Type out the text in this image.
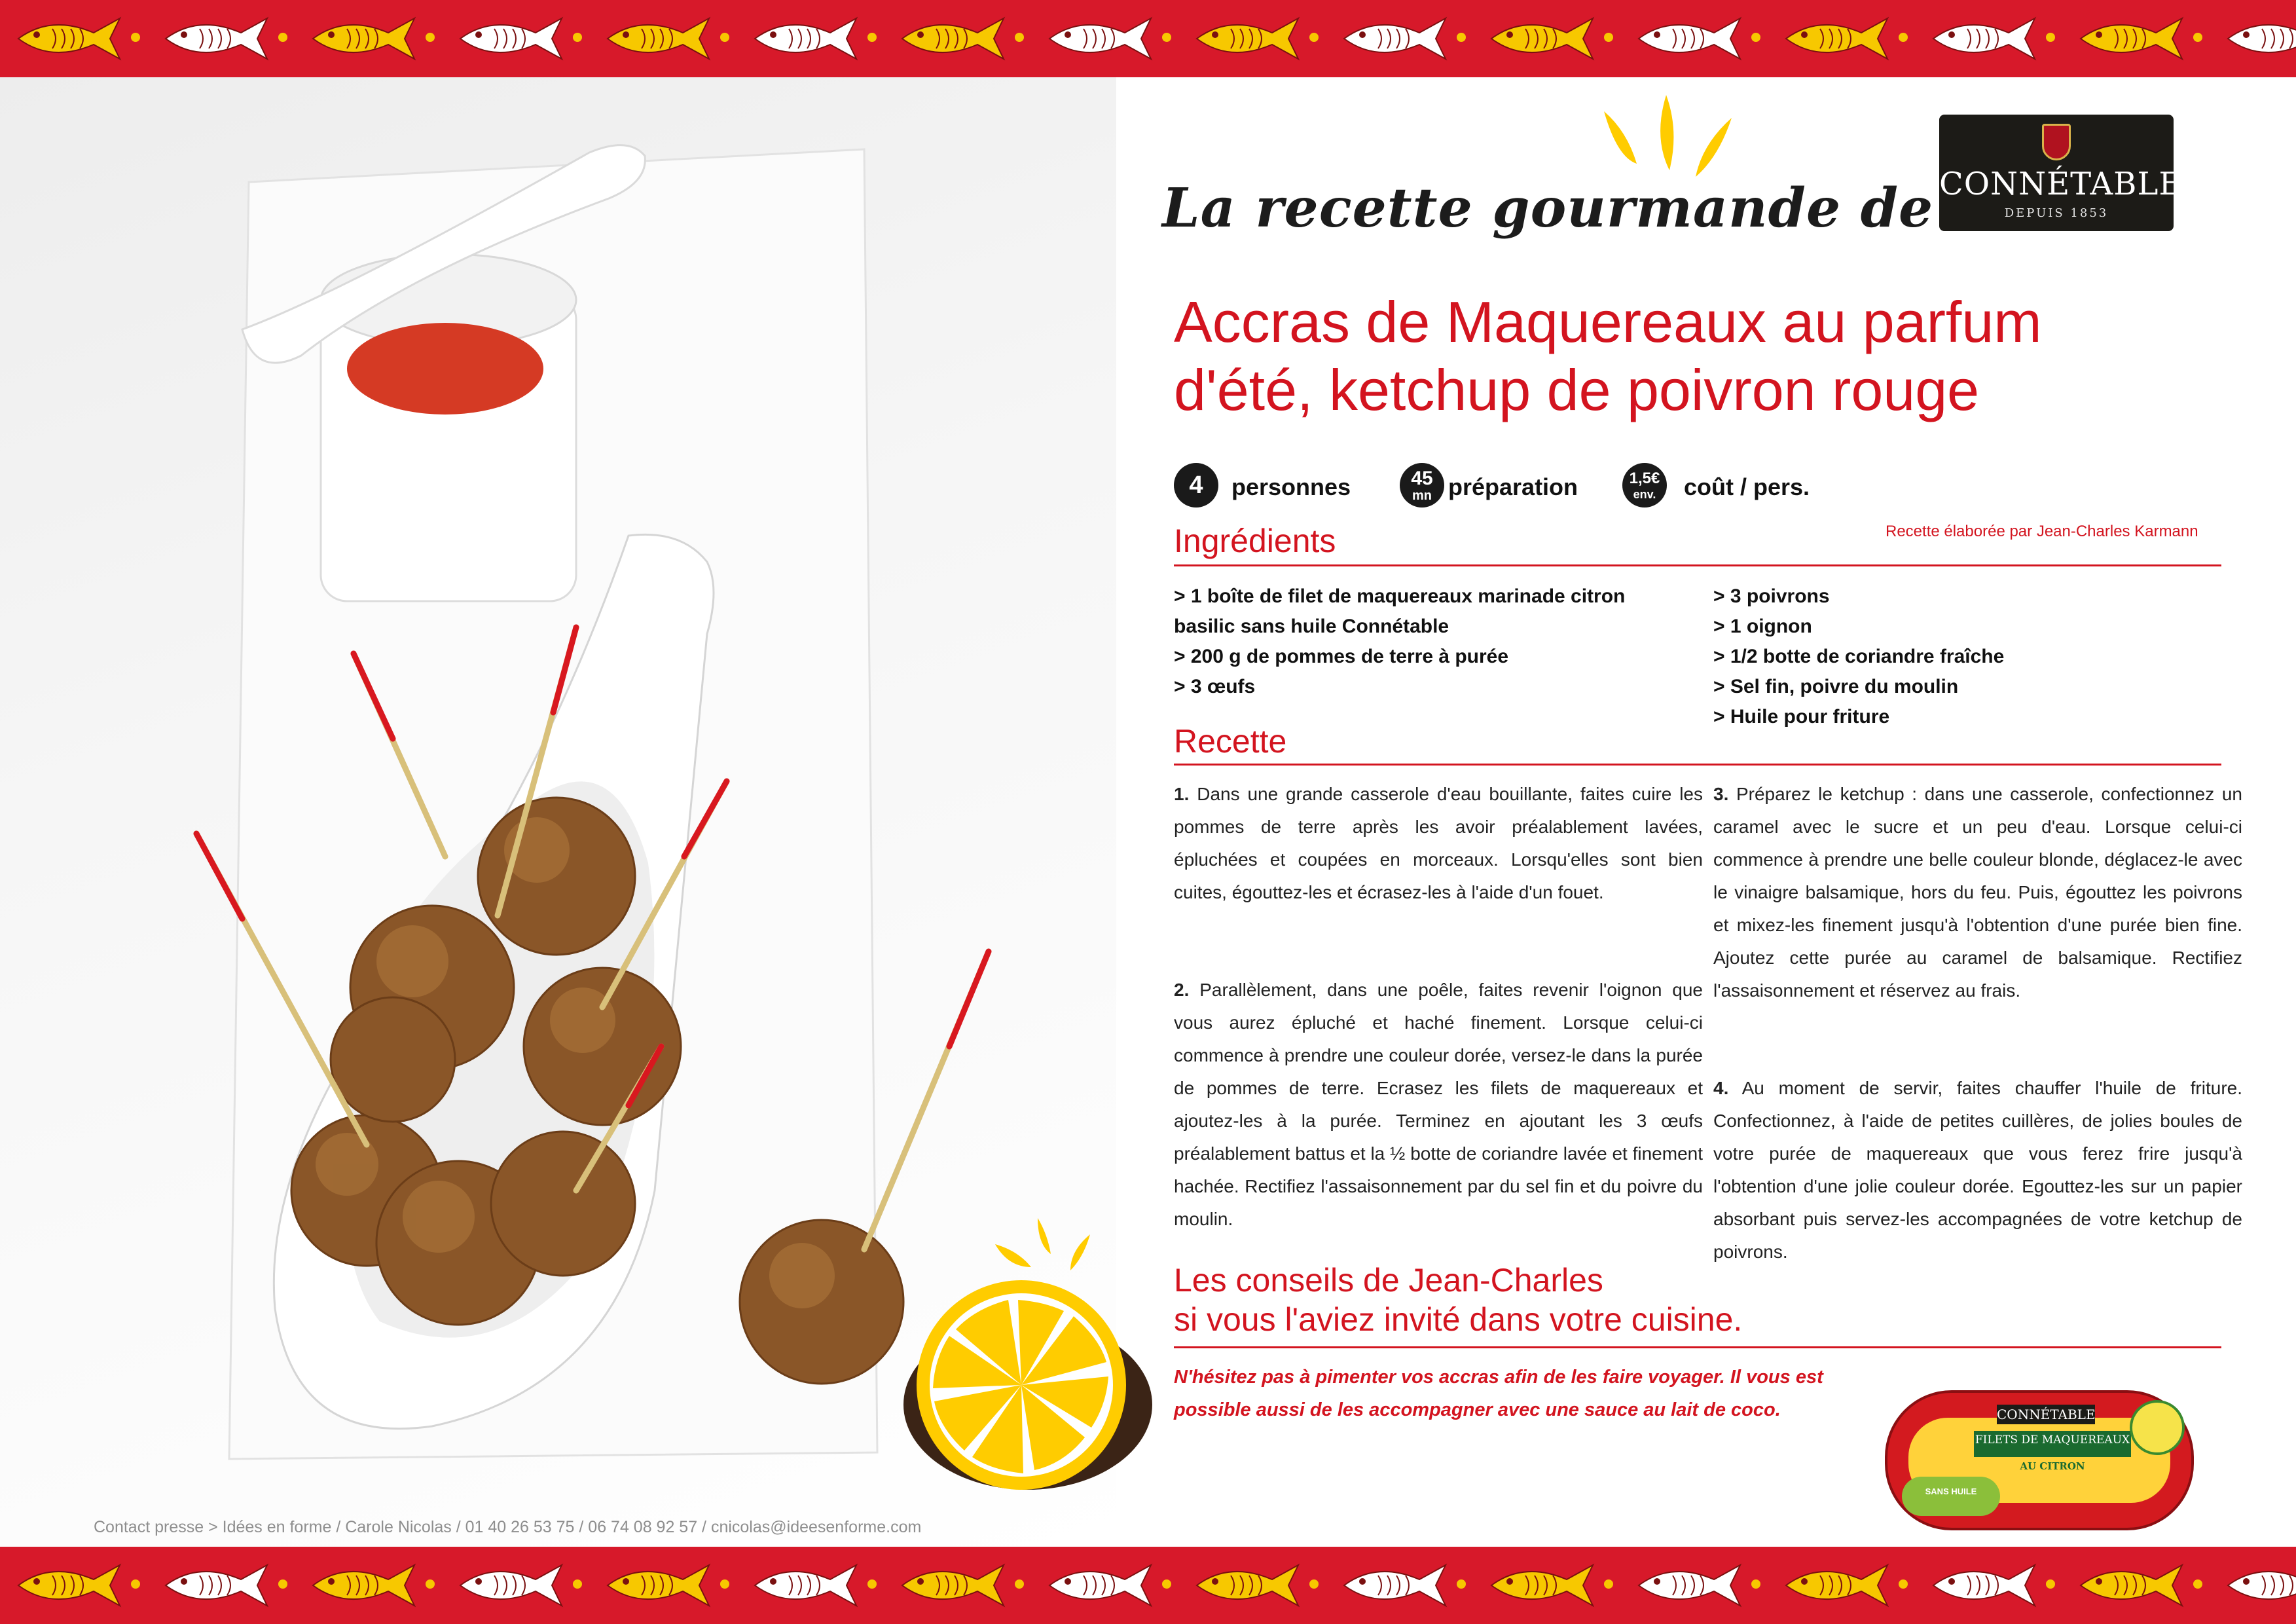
Contact presse > Idées en forme / Carole Nicolas / 01 40 26 53 75 / 06 74 08 92 57 / cnicolas@ideesenforme.com
La recette gourmande de CONNÉTABLE
DEPUIS 1853
Accras de Maquereaux au parfum
d'été, ketchup de poivron rouge
4	personnes	45
mn préparation	1,5€
env.	coût / pers.
Recette élaborée par Jean-Charles Karmann
Ingrédients
> 1 boîte de filet de maquereaux marinade citron
basilic sans huile Connétable
> 200 g de pommes de terre à purée
> 3 œufs
> 3 poivrons
> 1 oignon
> 1/2 botte de coriandre fraîche
> Sel fin, poivre du moulin
> Huile pour friture
Recette
1. Dans une grande casserole d'eau bouillante, faites cuire les pommes de terre après les avoir préalablement lavées, épluchées et coupées en morceaux. Lorsqu'elles sont bien cuites, égouttez-les et écrasez-les à l'aide d'un fouet.
2. Parallèlement, dans une poêle, faites revenir l'oignon que vous aurez épluché et haché finement. Lorsque celui-ci commence à prendre une couleur dorée, versez-le dans la purée de pommes de terre. Ecrasez les filets de maquereaux et ajoutez-les à la purée. Terminez en ajoutant les 3 œufs préalablement battus et la ½ botte de coriandre lavée et finement hachée. Rectifiez l'assaisonnement par du sel fin et du poivre du moulin.
3. Préparez le ketchup : dans une casserole, confectionnez un caramel avec le sucre et un peu d'eau. Lorsque celui-ci commence à prendre une belle couleur blonde, déglacez-le avec le vinaigre balsamique, hors du feu. Puis, égouttez les poivrons et mixez-les finement jusqu'à l'obtention d'une purée bien fine. Ajoutez cette purée au caramel de balsamique. Rectifiez l'assaisonnement et réservez au frais.
4. Au moment de servir, faites chauffer l'huile de friture. Confectionnez, à l'aide de petites cuillères, de jolies boules de votre purée de maquereaux que vous ferez frire jusqu'à l'obtention d'une jolie couleur dorée. Egouttez-les sur un papier absorbant puis servez-les accompagnées de votre ketchup de poivrons.
Les conseils de Jean-Charles
si vous l'aviez invité dans votre cuisine.
N'hésitez pas à pimenter vos accras afin de les faire voyager. Il vous est
possible aussi de les accompagner avec une sauce au lait de coco.	CONNÉTABLE
FILETS DE MAQUEREAUX
AU CITRON
SANS HUILE
